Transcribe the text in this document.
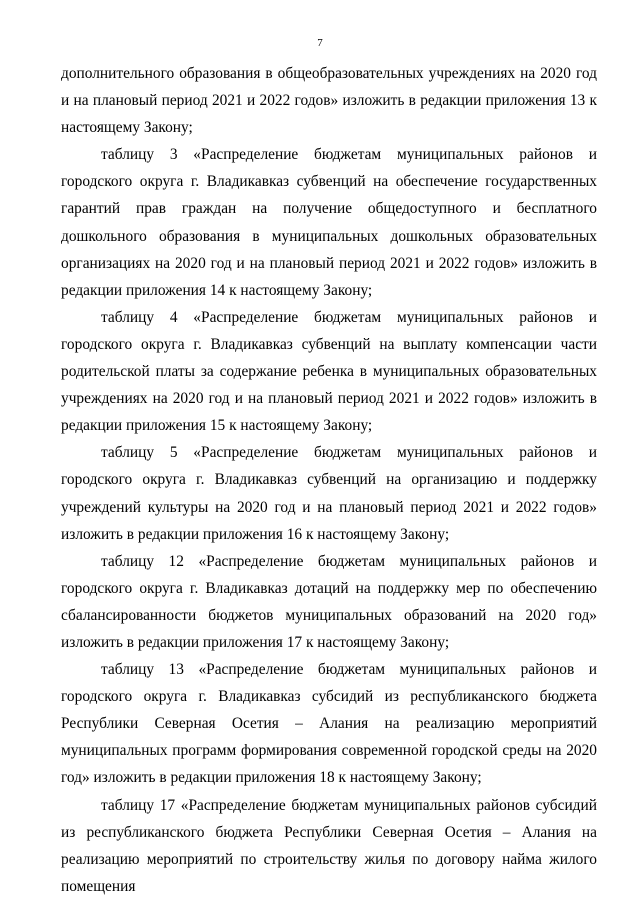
7

дополнительного образования в общеобразовательных учреждениях на 2020 год и на плановый период 2021 и 2022 годов» изложить в редакции приложения 13 к настоящему Закону;

таблицу 3 «Распределение бюджетам муниципальных районов и городского округа г. Владикавказ субвенций на обеспечение государственных гарантий прав граждан на получение общедоступного и бесплатного дошкольного образования в муниципальных дошкольных образовательных организациях на 2020 год и на плановый период 2021 и 2022 годов» изложить в редакции приложения 14 к настоящему Закону;

таблицу 4 «Распределение бюджетам муниципальных районов и городского округа г. Владикавказ субвенций на выплату компенсации части родительской платы за содержание ребенка в муниципальных образовательных учреждениях на 2020 год и на плановый период 2021 и 2022 годов» изложить в редакции приложения 15 к настоящему Закону;

таблицу 5 «Распределение бюджетам муниципальных районов и городского округа г. Владикавказ субвенций на организацию и поддержку учреждений культуры на 2020 год и на плановый период 2021 и 2022 годов» изложить в редакции приложения 16 к настоящему Закону;

таблицу 12 «Распределение бюджетам муниципальных районов и городского округа г. Владикавказ дотаций на поддержку мер по обеспечению сбалансированности бюджетов муниципальных образований на 2020 год» изложить в редакции приложения 17 к настоящему Закону;

таблицу 13 «Распределение бюджетам муниципальных районов и городского округа г. Владикавказ субсидий из республиканского бюджета Республики Северная Осетия – Алания на реализацию мероприятий муниципальных программ формирования современной городской среды на 2020 год» изложить в редакции приложения 18 к настоящему Закону;

таблицу 17 «Распределение бюджетам муниципальных районов субсидий из республиканского бюджета Республики Северная Осетия – Алания на реализацию мероприятий по строительству жилья по договору найма жилого помещения
